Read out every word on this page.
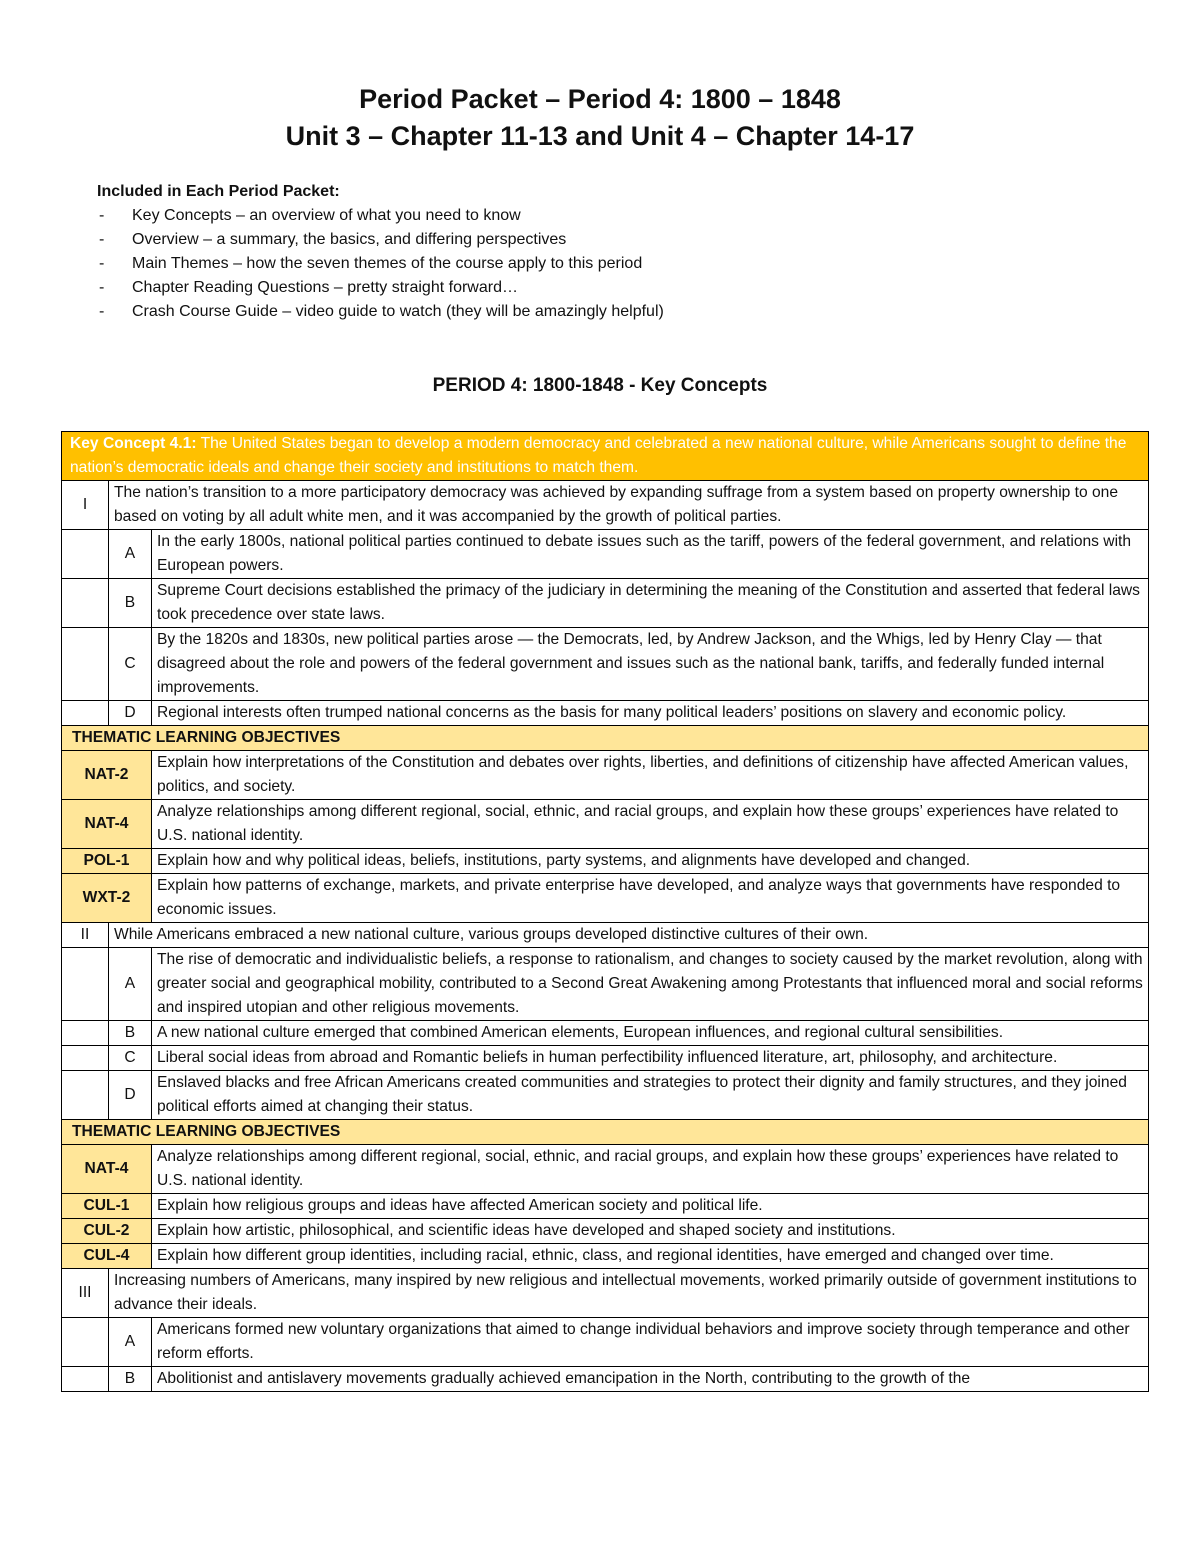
Period Packet – Period 4: 1800 – 1848
Unit 3 – Chapter 11-13 and Unit 4 – Chapter 14-17
Included in Each Period Packet:
- Key Concepts – an overview of what you need to know
- Overview – a summary, the basics, and differing perspectives
- Main Themes – how the seven themes of the course apply to this period
- Chapter Reading Questions – pretty straight forward…
- Crash Course Guide – video guide to watch (they will be amazingly helpful)
PERIOD 4: 1800-1848 - Key Concepts
Key Concept 4.1: The United States began to develop a modern democracy and celebrated a new national culture, while Americans sought to define the nation’s democratic ideals and change their society and institutions to match them.		
I	The nation’s transition to a more participatory democracy was achieved by expanding suffrage from a system based on property ownership to one based on voting by all adult white men, and it was accompanied by the growth of political parties.	
	A	In the early 1800s, national political parties continued to debate issues such as the tariff, powers of the federal government, and relations with European powers.
	B	Supreme Court decisions established the primacy of the judiciary in determining the meaning of the Constitution and asserted that federal laws took precedence over state laws.
	C	By the 1820s and 1830s, new political parties arose — the Democrats, led, by Andrew Jackson, and the Whigs, led by Henry Clay — that disagreed about the role and powers of the federal government and issues such as the national bank, tariffs, and federally funded internal improvements.
	D	Regional interests often trumped national concerns as the basis for many political leaders’ positions on slavery and economic policy.
THEMATIC LEARNING OBJECTIVES		
NAT-2		Explain how interpretations of the Constitution and debates over rights, liberties, and definitions of citizenship have affected American values, politics, and society.
NAT-4		Analyze relationships among different regional, social, ethnic, and racial groups, and explain how these groups’ experiences have related to U.S. national identity.
POL-1		Explain how and why political ideas, beliefs, institutions, party systems, and alignments have developed and changed.
WXT-2		Explain how patterns of exchange, markets, and private enterprise have developed, and analyze ways that governments have responded to economic issues.
II	While Americans embraced a new national culture, various groups developed distinctive cultures of their own.	
	A	The rise of democratic and individualistic beliefs, a response to rationalism, and changes to society caused by the market revolution, along with greater social and geographical mobility, contributed to a Second Great Awakening among Protestants that influenced moral and social reforms and inspired utopian and other religious movements.
	B	A new national culture emerged that combined American elements, European influences, and regional cultural sensibilities.
	C	Liberal social ideas from abroad and Romantic beliefs in human perfectibility influenced literature, art, philosophy, and architecture.
	D	Enslaved blacks and free African Americans created communities and strategies to protect their dignity and family structures, and they joined political efforts aimed at changing their status.
THEMATIC LEARNING OBJECTIVES		
NAT-4		Analyze relationships among different regional, social, ethnic, and racial groups, and explain how these groups’ experiences have related to U.S. national identity.
CUL-1		Explain how religious groups and ideas have affected American society and political life.
CUL-2		Explain how artistic, philosophical, and scientific ideas have developed and shaped society and institutions.
CUL-4		Explain how different group identities, including racial, ethnic, class, and regional identities, have emerged and changed over time.
III	Increasing numbers of Americans, many inspired by new religious and intellectual movements, worked primarily outside of government institutions to advance their ideals.	
	A	Americans formed new voluntary organizations that aimed to change individual behaviors and improve society through temperance and other reform efforts.
	B	Abolitionist and antislavery movements gradually achieved emancipation in the North, contributing to the growth of the
